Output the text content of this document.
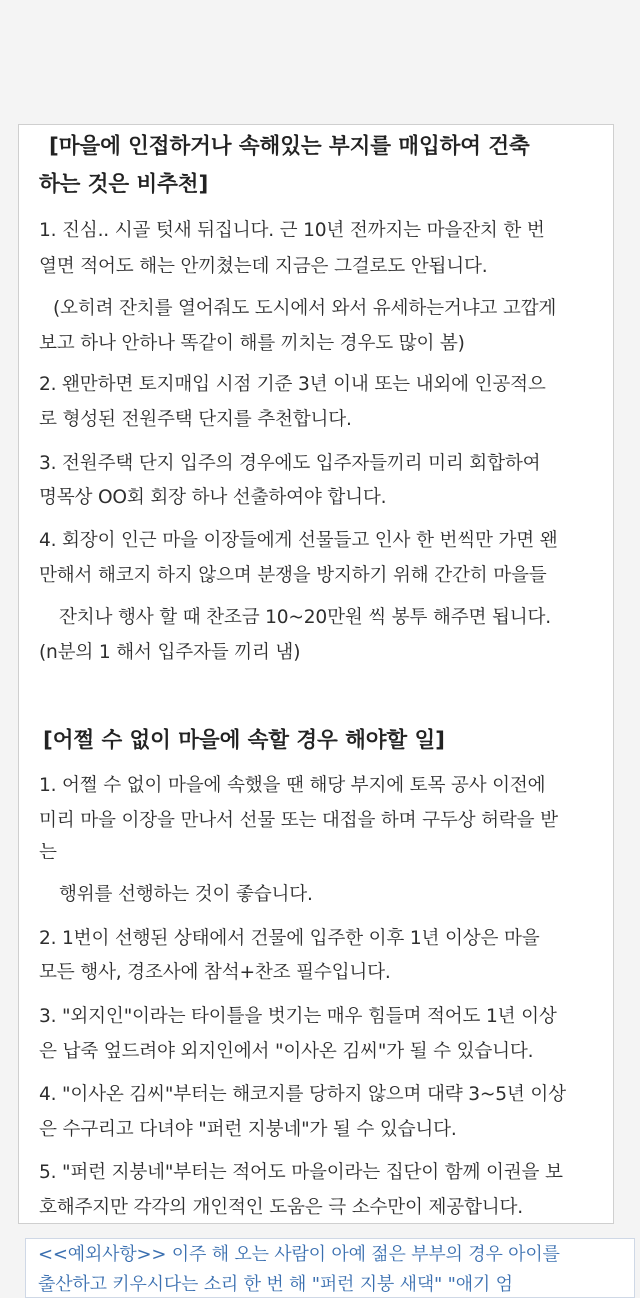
[마을에 인접하거나 속해있는 부지를 매입하여 건축
하는 것은 비추천]
1. 진심.. 시골 텃새 뒤집니다. 근 10년 전까지는 마을잔치 한 번
열면 적어도 해는 안끼쳤는데 지금은 그걸로도 안됩니다.
(오히려 잔치를 열어줘도 도시에서 와서 유세하는거냐고 고깝게
보고 하나 안하나 똑같이 해를 끼치는 경우도 많이 봄)
2. 왠만하면 토지매입 시점 기준 3년 이내 또는 내외에 인공적으
로 형성된 전원주택 단지를 추천합니다.
3. 전원주택 단지 입주의 경우에도 입주자들끼리 미리 회합하여
명목상 OO회 회장 하나 선출하여야 합니다.
4. 회장이 인근 마을 이장들에게 선물들고 인사 한 번씩만 가면 왠
만해서 해코지 하지 않으며 분쟁을 방지하기 위해 간간히 마을들
잔치나 행사 할 때 찬조금 10~20만원 씩 봉투 해주면 됩니다.
(n분의 1 해서 입주자들 끼리 냄)
[어쩔 수 없이 마을에 속할 경우 해야할 일]
1. 어쩔 수 없이 마을에 속했을 땐 해당 부지에 토목 공사 이전에
미리 마을 이장을 만나서 선물 또는 대접을 하며 구두상 허락을 받
는
행위를 선행하는 것이 좋습니다.
2. 1번이 선행된 상태에서 건물에 입주한 이후 1년 이상은 마을
모든 행사, 경조사에 참석+찬조 필수입니다.
3. "외지인"이라는 타이틀을 벗기는 매우 힘들며 적어도 1년 이상
은 납죽 엎드려야 외지인에서 "이사온 김씨"가 될 수 있습니다.
4. "이사온 김씨"부터는 해코지를 당하지 않으며 대략 3~5년 이상
은 수구리고 다녀야 "퍼런 지붕네"가 될 수 있습니다.
5. "퍼런 지붕네"부터는 적어도 마을이라는 집단이 함께 이권을 보
호해주지만 각각의 개인적인 도움은 극 소수만이 제공합니다.
<<예외사항>> 이주 해 오는 사람이 아예 젊은 부부의 경우 아이를
출산하고 키우시다는 소리 한 번 해 "퍼런 지붕 새댁" "애기 엄
